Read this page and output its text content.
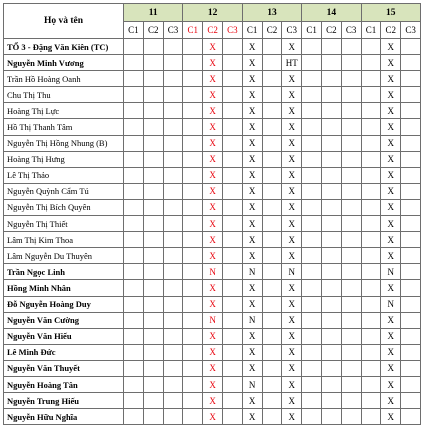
Họ và tên	11			12			13			14			15		
	C1	C2	C3	C1	C2	C3	C1	C2	C3	C1	C2	C3	C1	C2	C3
TỔ 3 - Đặng Văn Kiên (TC)					X		X		X					X	
Nguyễn Minh Vương					X		X		HT					X	
Trần Hồ Hoàng Oanh					X		X		X					X	
Chu Thị Thu					X		X		X					X	
Hoàng Thị Lực					X		X		X					X	
Hồ Thị Thanh Tâm					X		X		X					X	
Nguyễn Thị Hồng Nhung (B)					X		X		X					X	
Hoàng Thị Hưng					X		X		X					X	
Lê Thị Thảo					X		X		X					X	
Nguyễn Quỳnh Cẩm Tú					X		X		X					X	
Nguyễn Thị Bích Quyên					X		X		X					X	
Nguyễn Thị Thiết					X		X		X					X	
Lâm Thị Kim Thoa					X		X		X					X	
Lâm Nguyễn Du Thuyên					X		X		X					X	
Trần Ngọc Linh					N		N		N					N	
Hồng Minh Nhân					X		X		X					X	
Đỗ Nguyễn Hoàng Duy					X		X		X					N	
Nguyễn Văn Cường					N		N		X					X	
Nguyễn Văn Hiếu					X		X		X					X	
Lê Minh Đức					X		X		X					X	
Nguyễn Văn Thuyết					X		X		X					X	
Nguyễn Hoàng Tân					X		N		X					X	
Nguyễn Trung Hiếu					X		X		X					X	
Nguyễn Hữu Nghĩa					X		X		X					X	
